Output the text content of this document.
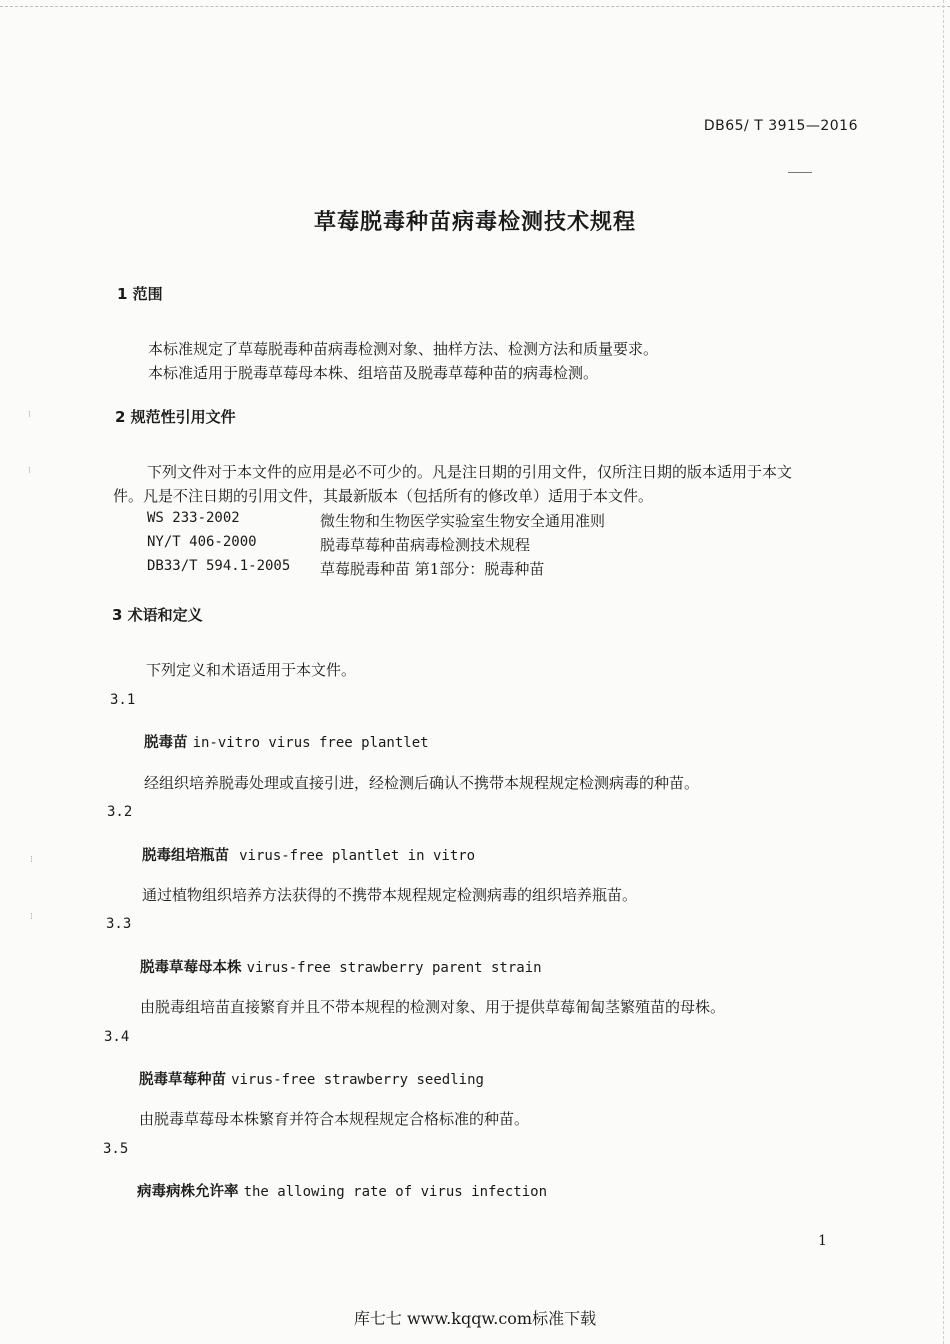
⁝
⁝
⁝
⁝
DB65/ T 3915—2016
草莓脱毒种苗病毒检测技术规程
1 范围
本标准规定了草莓脱毒种苗病毒检测对象、抽样方法、检测方法和质量要求。
本标准适用于脱毒草莓母本株、组培苗及脱毒草莓种苗的病毒检测。
2 规范性引用文件
下列文件对于本文件的应用是必不可少的。凡是注日期的引用文件，仅所注日期的版本适用于本文
件。凡是不注日期的引用文件，其最新版本（包括所有的修改单）适用于本文件。
WS 233-2002	微生物和生物医学实验室生物安全通用准则
NY/T 406-2000	脱毒草莓种苗病毒检测技术规程
DB33/T 594.1-2005 草莓脱毒种苗 第1部分：脱毒种苗
3 术语和定义
下列定义和术语适用于本文件。
3.1
脱毒苗 in-vitro virus free plantlet
经组织培养脱毒处理或直接引进，经检测后确认不携带本规程规定检测病毒的种苗。
3.2
脱毒组培瓶苗 virus-free plantlet in vitro
通过植物组织培养方法获得的不携带本规程规定检测病毒的组织培养瓶苗。
3.3
脱毒草莓母本株 virus-free strawberry parent strain
由脱毒组培苗直接繁育并且不带本规程的检测对象、用于提供草莓匍匐茎繁殖苗的母株。
3.4
脱毒草莓种苗 virus-free strawberry seedling
由脱毒草莓母本株繁育并符合本规程规定合格标准的种苗。
3.5
病毒病株允许率 the allowing rate of virus infection
1
库七七 www.kqqw.com标准下载
